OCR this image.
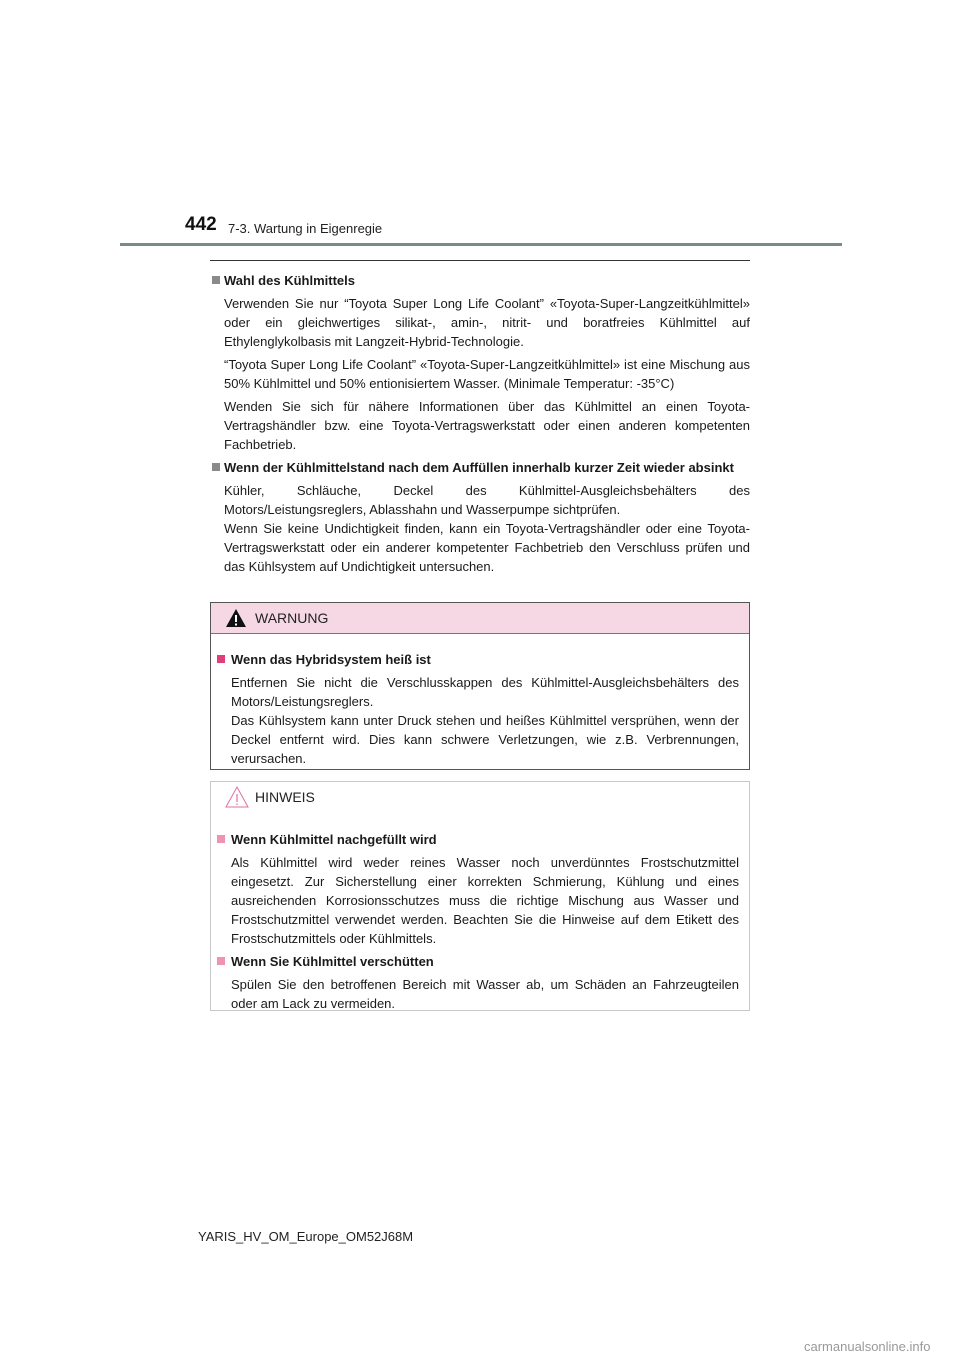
442 7-3. Wartung in Eigenregie
Wahl des Kühlmittels
Verwenden Sie nur “Toyota Super Long Life Coolant” «Toyota-Super-Langzeitkühlmittel» oder ein gleichwertiges silikat-, amin-, nitrit- und boratfreies Kühlmittel auf Ethylenglykolbasis mit Langzeit-Hybrid-Technologie.
“Toyota Super Long Life Coolant” «Toyota-Super-Langzeitkühlmittel» ist eine Mischung aus 50% Kühlmittel und 50% entionisiertem Wasser. (Minimale Temperatur: -35°C)
Wenden Sie sich für nähere Informationen über das Kühlmittel an einen Toyota-Vertragshändler bzw. eine Toyota-Vertragswerkstatt oder einen anderen kompetenten Fachbetrieb.
Wenn der Kühlmittelstand nach dem Auffüllen innerhalb kurzer Zeit wieder absinkt
Kühler, Schläuche, Deckel des Kühlmittel-Ausgleichsbehälters des Motors/Leistungsreglers, Ablasshahn und Wasserpumpe sichtprüfen.
Wenn Sie keine Undichtigkeit finden, kann ein Toyota-Vertragshändler oder eine Toyota-Vertragswerkstatt oder ein anderer kompetenter Fachbetrieb den Verschluss prüfen und das Kühlsystem auf Undichtigkeit untersuchen.
WARNUNG
Wenn das Hybridsystem heiß ist
Entfernen Sie nicht die Verschlusskappen des Kühlmittel-Ausgleichsbehälters des Motors/Leistungsreglers.
Das Kühlsystem kann unter Druck stehen und heißes Kühlmittel versprühen, wenn der Deckel entfernt wird. Dies kann schwere Verletzungen, wie z.B. Verbrennungen, verursachen.
HINWEIS
Wenn Kühlmittel nachgefüllt wird
Als Kühlmittel wird weder reines Wasser noch unverdünntes Frostschutzmittel eingesetzt. Zur Sicherstellung einer korrekten Schmierung, Kühlung und eines ausreichenden Korrosionsschutzes muss die richtige Mischung aus Wasser und Frostschutzmittel verwendet werden. Beachten Sie die Hinweise auf dem Etikett des Frostschutzmittels oder Kühlmittels.
Wenn Sie Kühlmittel verschütten
Spülen Sie den betroffenen Bereich mit Wasser ab, um Schäden an Fahrzeugteilen oder am Lack zu vermeiden.
YARIS_HV_OM_Europe_OM52J68M
carmanualsonline.info
